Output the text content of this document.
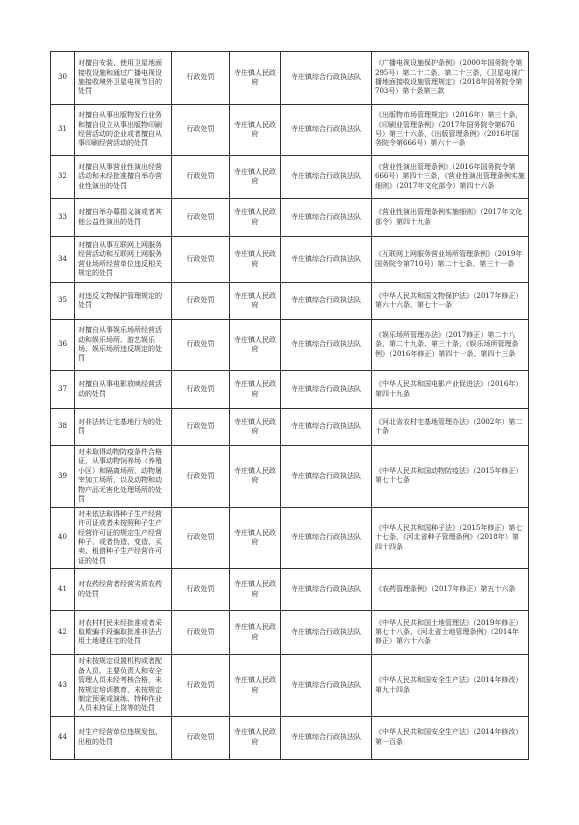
30	对擅自安装、使用卫星地面接收设施和通过广播电视设施接收境外卫星电视节目的处罚	行政处罚	寺庄镇人民政府	寺庄镇综合行政执法队	《广播电视设施保护条例》（2000年国务院令第295号）第二十二条、第二十三条，《卫星电视广播地面接收设施管理规定》（2018年国务院令第703号）第十条第三款
31	对擅自从事出版物发行业务和擅自设立从事出版物印刷经营活动的企业或者擅自从事印刷经营活动的处罚	行政处罚	寺庄镇人民政府	寺庄镇综合行政执法队	《出版物市场管理规定》（2016年）第三十条，《印刷业管理条例》（2017年国务院令第676号）第三十六条，《出版管理条例》（2016年国务院令第666号）第六十一条
32	对擅自从事营业性演出经营活动和未经批准擅自举办营业性演出的处罚	行政处罚	寺庄镇人民政府	寺庄镇综合行政执法队	《营业性演出管理条例》（2016年国务院令第666号）第四十三条，《营业性演出管理条例实施细则》（2017年文化部令）第四十六条
33	对擅自举办募捐义演或者其他公益性演出的处罚	行政处罚	寺庄镇人民政府	寺庄镇综合行政执法队	《营业性演出管理条例实施细则》（2017年文化部令）第四十九条
34	对擅自从事互联网上网服务经营活动和互联网上网服务营业场所经营单位违反相关规定的处罚	行政处罚	寺庄镇人民政府	寺庄镇综合行政执法队	《互联网上网服务营业场所管理条例》（2019年国务院令第710号）第二十七条、第三十一条
35	对违反文物保护管理规定的处罚	行政处罚	寺庄镇人民政府	寺庄镇综合行政执法队	《中华人民共和国文物保护法》（2017年修正）第六十六条、第七十一条
36	对擅自从事娱乐场所经营活动和娱乐场所、游艺娱乐场、娱乐场所违反规定的处罚	行政处罚	寺庄镇人民政府	寺庄镇综合行政执法队	《娱乐场所管理办法》（2017修正）第二十八条、第二十九条、第三十条，《娱乐场所管理条例》（2016年修正）第四十一条、第四十三条
37	对擅自从事电影放映经营活动的处罚	行政处罚	寺庄镇人民政府	寺庄镇综合行政执法队	《中华人民共和国电影产业促进法》（2016年）第四十九条
38	对非法转让宅基地行为的处罚	行政处罚	寺庄镇人民政府	寺庄镇综合行政执法队	《河北省农村宅基地管理办法》（2002年）第二十条
39	对未取得动物防疫条件合格证，从事动物饲养场（养殖小区）和隔离场所，动物屠宰加工场所，以及动物和动物产品无害化处理场所的处罚	行政处罚	寺庄镇人民政府	寺庄镇综合行政执法队	《中华人民共和国动物防疫法》（2015年修正）第七十七条
40	对未依法取得种子生产经营许可证或者未按照种子生产经营许可证的规定生产经营种子，或者伪造、变造、买卖、租借种子生产经营许可证的处罚	行政处罚	寺庄镇人民政府	寺庄镇综合行政执法队	《中华人民共和国种子法》（2015年修正）第七十七条、《河北省种子管理条例》（2018年）第四十四条
41	对农药经营者经营劣质农药的处罚	行政处罚	寺庄镇人民政府	寺庄镇综合行政执法队	《农药管理条例》（2017年修正）第五十六条
42	对农村村民未经批准或者采取欺骗手段骗取批准非法占用土地建住宅的处罚	行政处罚	寺庄镇人民政府	寺庄镇综合行政执法队	《中华人民共和国土地管理法》（2019年修正）第七十八条、《河北省土地管理条例》（2014年修正）第六十六条
43	对未按规定设置机构或者配备人员、主要负责人和安全管理人员未经考核合格，未按规定培训教育、未按规定制定预案或演练、特种作业人员未持证上岗等的处罚	行政处罚	寺庄镇人民政府	寺庄镇综合行政执法队	《中华人民共和国安全生产法》（2014年修改）第九十四条
44	对生产经营单位违规发包、出租的处罚	行政处罚	寺庄镇人民政府	寺庄镇综合行政执法队	《中华人民共和国安全生产法》（2014年修改）第一百条
